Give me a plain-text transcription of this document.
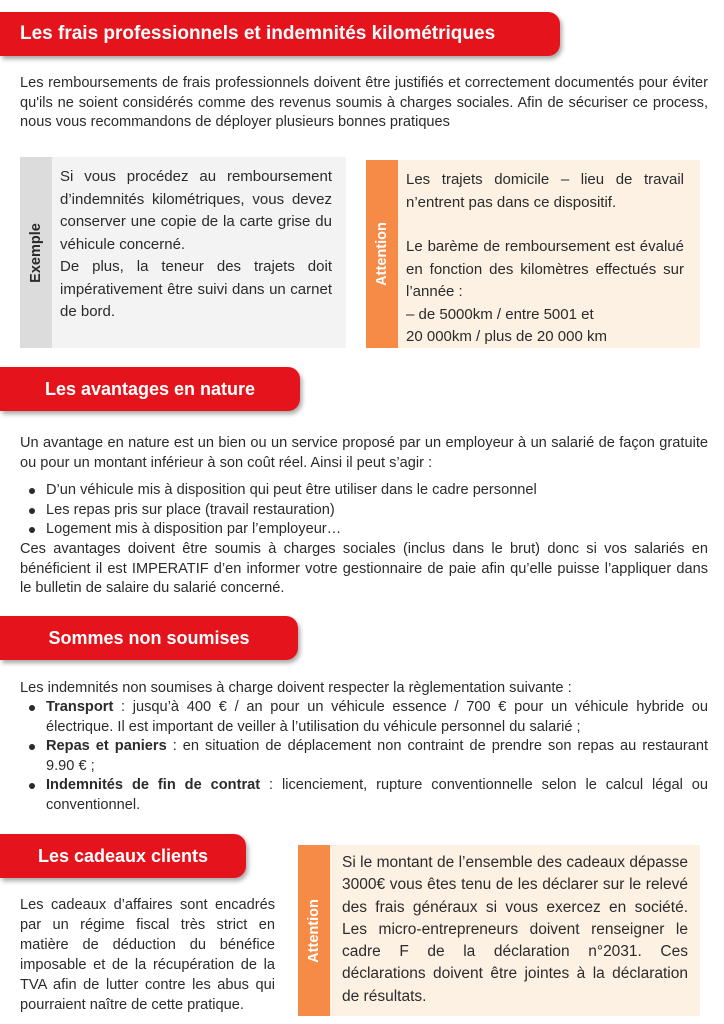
Les frais professionnels et indemnités kilométriques

Les remboursements de frais professionnels doivent être justifiés et correctement documentés pour éviter qu'ils ne soient considérés comme des revenus soumis à charges sociales. Afin de sécuriser ce process, nous vous recommandons de déployer plusieurs bonnes pratiques

Exemple
Si vous procédez au remboursement d’indemnités kilométriques, vous devez conserver une copie de la carte grise du véhicule concerné.
De plus, la teneur des trajets doit impérativement être suivi dans un carnet de bord.
Attention
Les trajets domicile – lieu de travail n’entrent pas dans ce dispositif.
Le barème de remboursement est évalué en fonction des kilomètres effectués sur l’année :
– de 5000km / entre 5001 et
20 000km / plus de 20 000 km
Les avantages en nature

Un avantage en nature est un bien ou un service proposé par un employeur à un salarié de façon gratuite ou pour un montant inférieur à son coût réel. Ainsi il peut s’agir :

D’un véhicule mis à disposition qui peut être utiliser dans le cadre personnel
Les repas pris sur place (travail restauration)
Logement mis à disposition par l’employeur…

Ces avantages doivent être soumis à charges sociales (inclus dans le brut) donc si vos salariés en bénéficient il est IMPERATIF d’en informer votre gestionnaire de paie afin qu’elle puisse l’appliquer dans le bulletin de salaire du salarié concerné.

Sommes non soumises

Les indemnités non soumises à charge doivent respecter la règlementation suivante :

Transport : jusqu’à 400 € / an pour un véhicule essence / 700 € pour un véhicule hybride ou électrique. Il est important de veiller à l’utilisation du véhicule personnel du salarié ;
Repas et paniers : en situation de déplacement non contraint de prendre son repas au restaurant 9.90 € ;
Indemnités de fin de contrat : licenciement, rupture conventionnelle selon le calcul légal ou conventionnel.
Les cadeaux clients

Les cadeaux d’affaires sont encadrés par un régime fiscal très strict en matière de déduction du bénéfice imposable et de la récupération de la TVA afin de lutter contre les abus qui pourraient naître de cette pratique.

Attention
Si le montant de l’ensemble des cadeaux dépasse 3000€ vous êtes tenu de les déclarer sur le relevé des frais généraux si vous exercez en société. Les micro-entrepreneurs doivent renseigner le cadre F de la déclaration n°2031. Ces déclarations doivent être jointes à la déclaration de résultats.
